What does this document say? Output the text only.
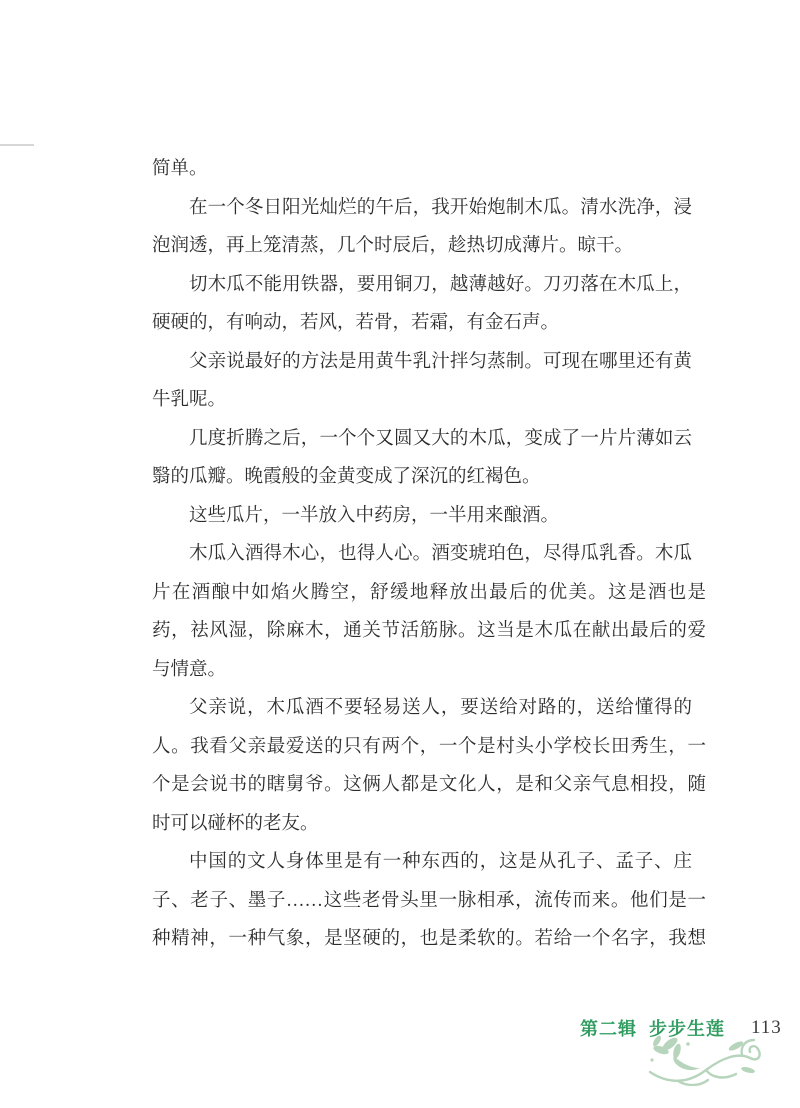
简单。
在一个冬日阳光灿烂的午后，我开始炮制木瓜。清水洗净，浸
泡润透，再上笼清蒸，几个时辰后，趁热切成薄片。晾干。
切木瓜不能用铁器，要用铜刀，越薄越好。刀刃落在木瓜上，
硬硬的，有响动，若风，若骨，若霜，有金石声。
父亲说最好的方法是用黄牛乳汁拌匀蒸制。可现在哪里还有黄
牛乳呢。
几度折腾之后，一个个又圆又大的木瓜，变成了一片片薄如云
翳的瓜瓣。晚霞般的金黄变成了深沉的红褐色。
这些瓜片，一半放入中药房，一半用来酿酒。
木瓜入酒得木心，也得人心。酒变琥珀色，尽得瓜乳香。木瓜
片在酒酿中如焰火腾空，舒缓地释放出最后的优美。这是酒也是
药，祛风湿，除麻木，通关节活筋脉。这当是木瓜在献出最后的爱
与情意。
父亲说，木瓜酒不要轻易送人，要送给对路的，送给懂得的
人。我看父亲最爱送的只有两个，一个是村头小学校长田秀生，一
个是会说书的瞎舅爷。这俩人都是文化人，是和父亲气息相投，随
时可以碰杯的老友。
中国的文人身体里是有一种东西的，这是从孔子、孟子、庄
子、老子、墨子……这些老骨头里一脉相承，流传而来。他们是一
种精神，一种气象，是坚硬的，也是柔软的。若给一个名字，我想
第二辑 步步生莲 113
